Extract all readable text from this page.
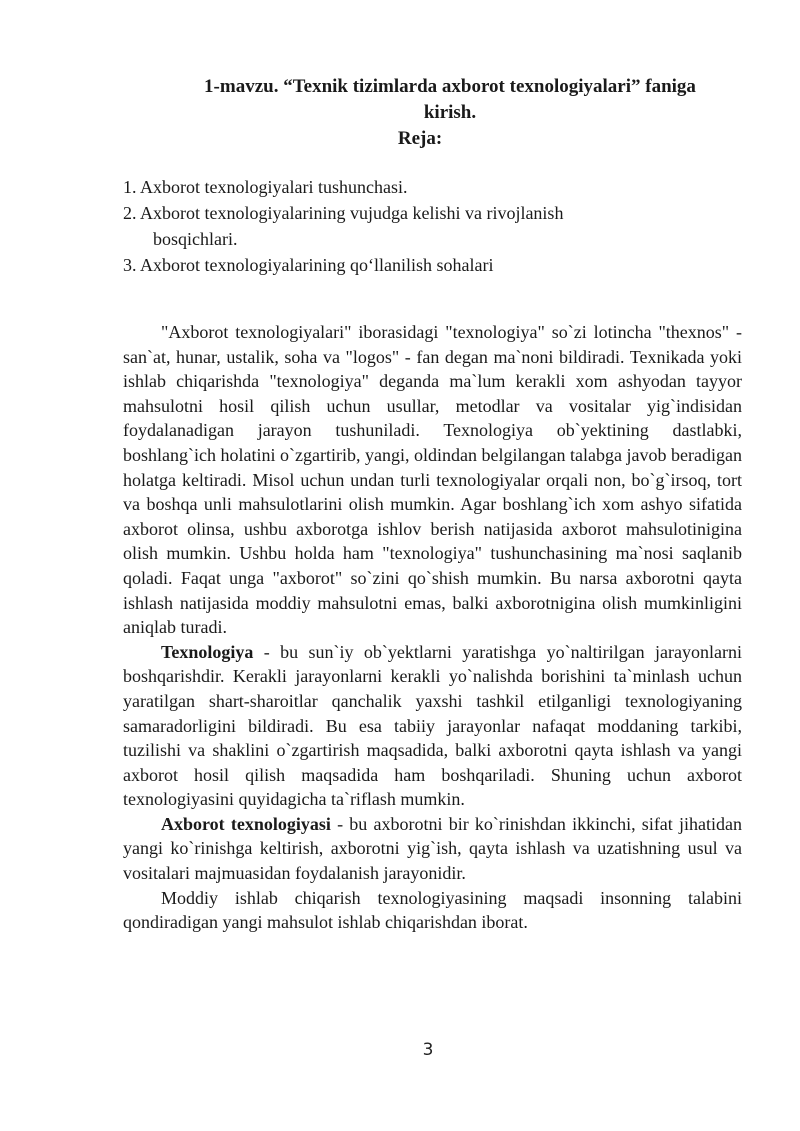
1-mavzu. “Texnik tizimlarda axborot texnologiyalari” faniga
kirish.
Reja:
1. Axborot texnologiyalari tushunchasi.
2. Axborot texnologiyalarining vujudga kelishi va rivojlanish
bosqichlari.
3. Axborot texnologiyalarining qo‘llanilish sohalari

"Axborot texnologiyalari" iborasidagi "texnologiya" so`zi lotincha "thexnos" - san`at, hunar, ustalik, soha va "logos" - fan degan ma`noni bildiradi. Texnikada yoki ishlab chiqarishda "texnologiya" deganda ma`lum kerakli xom ashyodan tayyor mahsulotni hosil qilish uchun usullar, metodlar va vositalar yig`indisidan foydalanadigan jarayon tushuniladi. Texnologiya ob`yektining dastlabki, boshlang`ich holatini o`zgartirib, yangi, oldindan belgilangan talabga javob beradigan holatga keltiradi. Misol uchun undan turli texnologiyalar orqali non, bo`g`irsoq, tort va boshqa unli mahsulotlarini olish mumkin. Agar boshlang`ich xom ashyo sifatida axborot olinsa, ushbu axborotga ishlov berish natijasida axborot mahsulotinigina olish mumkin. Ushbu holda ham "texnologiya" tushunchasining ma`nosi saqlanib qoladi. Faqat unga "axborot" so`zini qo`shish mumkin. Bu narsa axborotni qayta ishlash natijasida moddiy mahsulotni emas, balki axborotnigina olish mumkinligini aniqlab turadi.

Texnologiya - bu sun`iy ob`yektlarni yaratishga yo`naltirilgan jarayonlarni boshqarishdir. Kerakli jarayonlarni kerakli yo`nalishda borishini ta`minlash uchun yaratilgan shart-sharoitlar qanchalik yaxshi tashkil etilganligi texnologiyaning samaradorligini bildiradi. Bu esa tabiiy jarayonlar nafaqat moddaning tarkibi, tuzilishi va shaklini o`zgartirish maqsadida, balki axborotni qayta ishlash va yangi axborot hosil qilish maqsadida ham boshqariladi. Shuning uchun axborot texnologiyasini quyidagicha ta`riflash mumkin.

Axborot texnologiyasi - bu axborotni bir ko`rinishdan ikkinchi, sifat jihatidan yangi ko`rinishga keltirish, axborotni yig`ish, qayta ishlash va uzatishning usul va vositalari majmuasidan foydalanish jarayonidir.

Moddiy ishlab chiqarish texnologiyasining maqsadi insonning talabini qondiradigan yangi mahsulot ishlab chiqarishdan iborat.

3
